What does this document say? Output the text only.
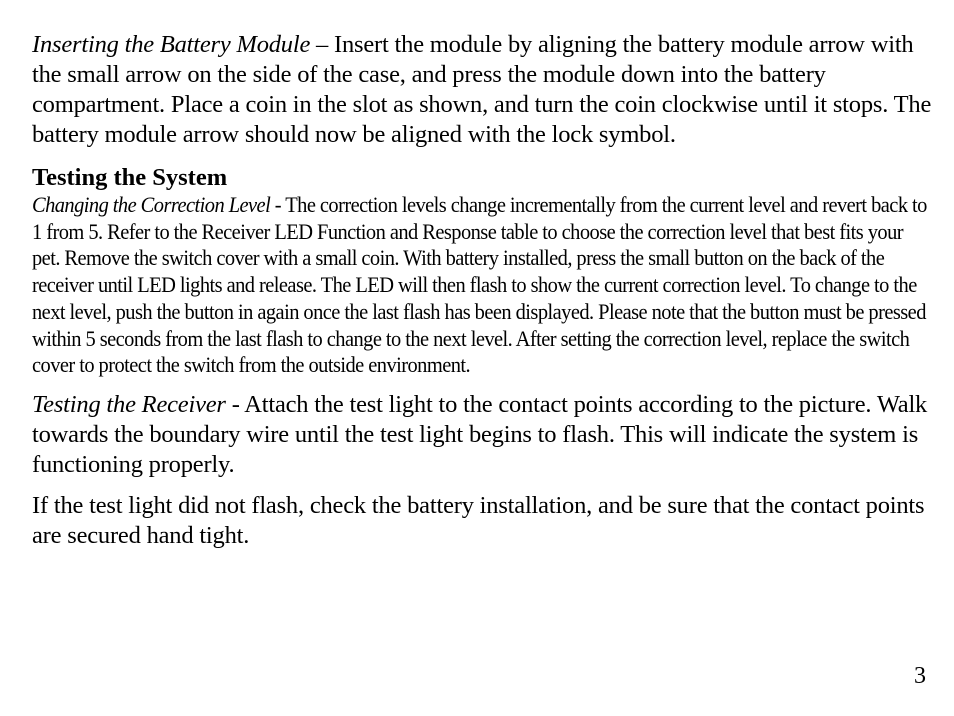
Inserting the Battery Module – Insert the module by aligning the battery module arrow with the small arrow on the side of the case, and press the module down into the battery compartment. Place a coin in the slot as shown, and turn the coin clockwise until it stops. The battery module arrow should now be aligned with the lock symbol.

Testing the System

Changing the Correction Level - The correction levels change incrementally from the current level and revert back to 1 from 5. Refer to the Receiver LED Function and Response table to choose the correction level that best fits your pet. Remove the switch cover with a small coin. With battery installed, press the small button on the back of the receiver until LED lights and release. The LED will then flash to show the current correction level. To change to the next level, push the button in again once the last flash has been displayed. Please note that the button must be pressed within 5 seconds from the last flash to change to the next level. After setting the correction level, replace the switch cover to protect the switch from the outside environment.

Testing the Receiver - Attach the test light to the contact points according to the picture. Walk towards the boundary wire until the test light begins to flash. This will indicate the system is functioning properly.

If the test light did not flash, check the battery installation, and be sure that the contact points are secured hand tight.

3
